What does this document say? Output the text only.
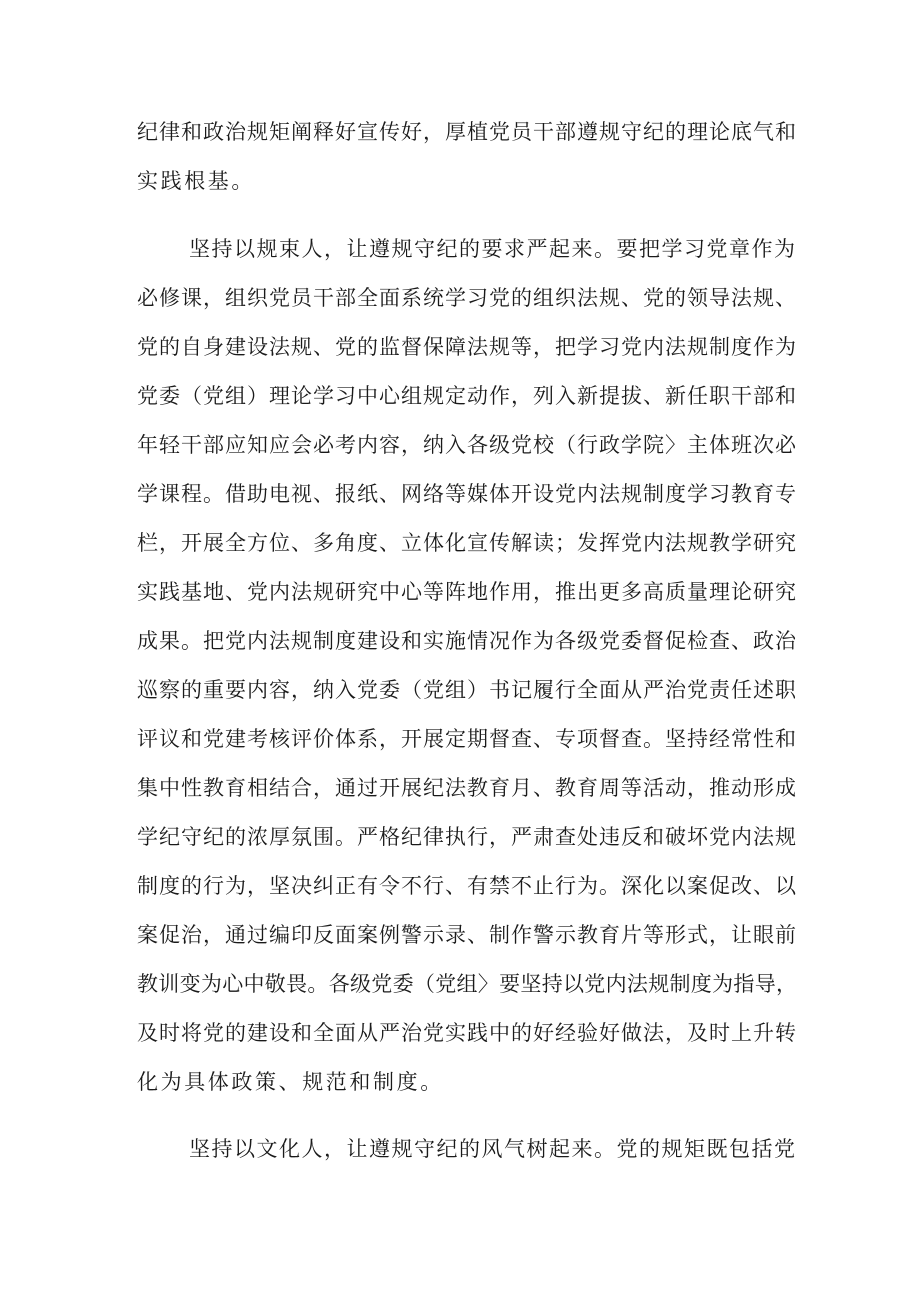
纪律和政治规矩阐释好宣传好，厚植党员干部遵规守纪的理论底气和
实践根基。
坚持以规束人，让遵规守纪的要求严起来。要把学习党章作为
必修课，组织党员干部全面系统学习党的组织法规、党的领导法规、
党的自身建设法规、党的监督保障法规等，把学习党内法规制度作为
党委（党组）理论学习中心组规定动作，列入新提拔、新任职干部和
年轻干部应知应会必考内容，纳入各级党校（行政学院〉主体班次必
学课程。借助电视、报纸、网络等媒体开设党内法规制度学习教育专
栏，开展全方位、多角度、立体化宣传解读；发挥党内法规教学研究
实践基地、党内法规研究中心等阵地作用，推出更多高质量理论研究
成果。把党内法规制度建设和实施情况作为各级党委督促检查、政治
巡察的重要内容，纳入党委（党组）书记履行全面从严治党责任述职
评议和党建考核评价体系，开展定期督查、专项督查。坚持经常性和
集中性教育相结合，通过开展纪法教育月、教育周等活动，推动形成
学纪守纪的浓厚氛围。严格纪律执行，严肃查处违反和破坏党内法规
制度的行为，坚决纠正有令不行、有禁不止行为。深化以案促改、以
案促治，通过编印反面案例警示录、制作警示教育片等形式，让眼前
教训变为心中敬畏。各级党委（党组〉要坚持以党内法规制度为指导，
及时将党的建设和全面从严治党实践中的好经验好做法，及时上升转
化为具体政策、规范和制度。
坚持以文化人，让遵规守纪的风气树起来。党的规矩既包括党
